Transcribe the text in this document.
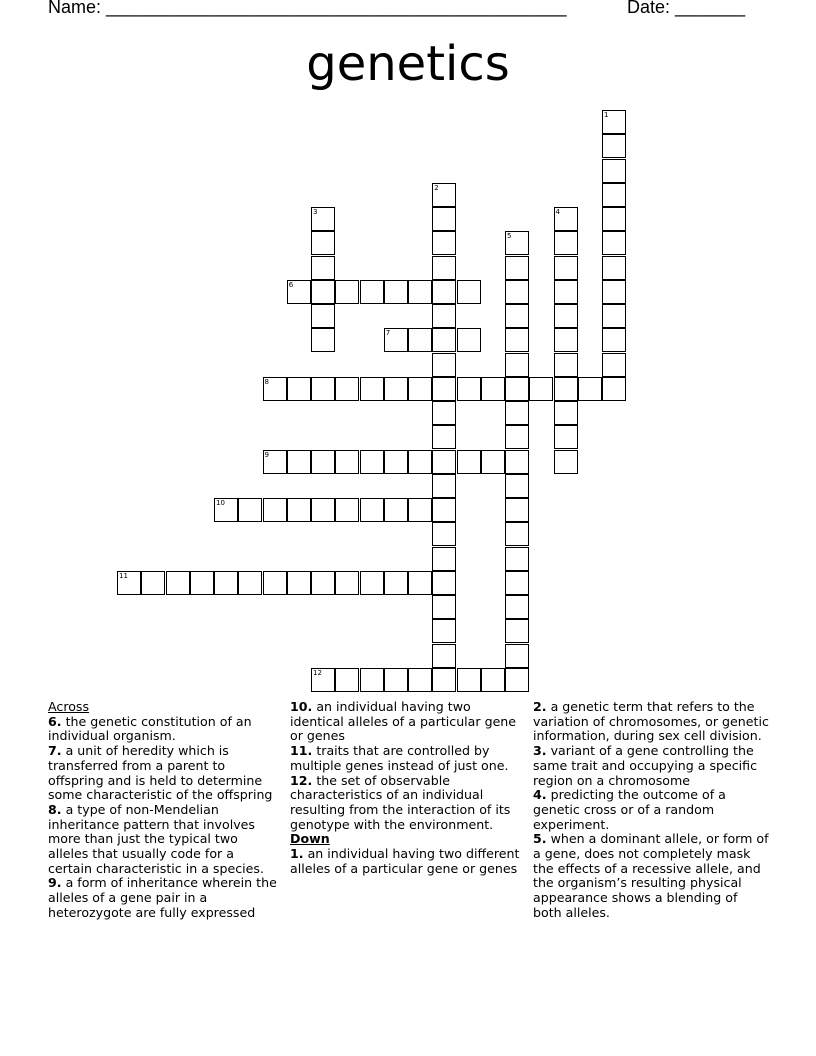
Name: ______________________________________________	Date: _______
genetics
1
2
3	4
5
6
7
8
9
10
11
12
Across

6. the genetic constitution of an individual organism.

7. a unit of heredity which is transferred from a parent to offspring and is held to determine some characteristic of the offspring

8. a type of non-Mendelian inheritance pattern that involves more than just the typical two alleles that usually code for a certain characteristic in a species.

9. a form of inheritance wherein the alleles of a gene pair in a heterozygote are fully expressed

10. an individual having two identical alleles of a particular gene or genes

11. traits that are controlled by multiple genes instead of just one.

12. the set of observable characteristics of an individual resulting from the interaction of its genotype with the environment.

Down

1. an individual having two different alleles of a particular gene or genes

2. a genetic term that refers to the variation of chromosomes, or genetic information, during sex cell division.

3. variant of a gene controlling the same trait and occupying a specific region on a chromosome

4. predicting the outcome of a genetic cross or of a random experiment.

5. when a dominant allele, or form of a gene, does not completely mask the effects of a recessive allele, and the organism’s resulting physical appearance shows a blending of both alleles.
